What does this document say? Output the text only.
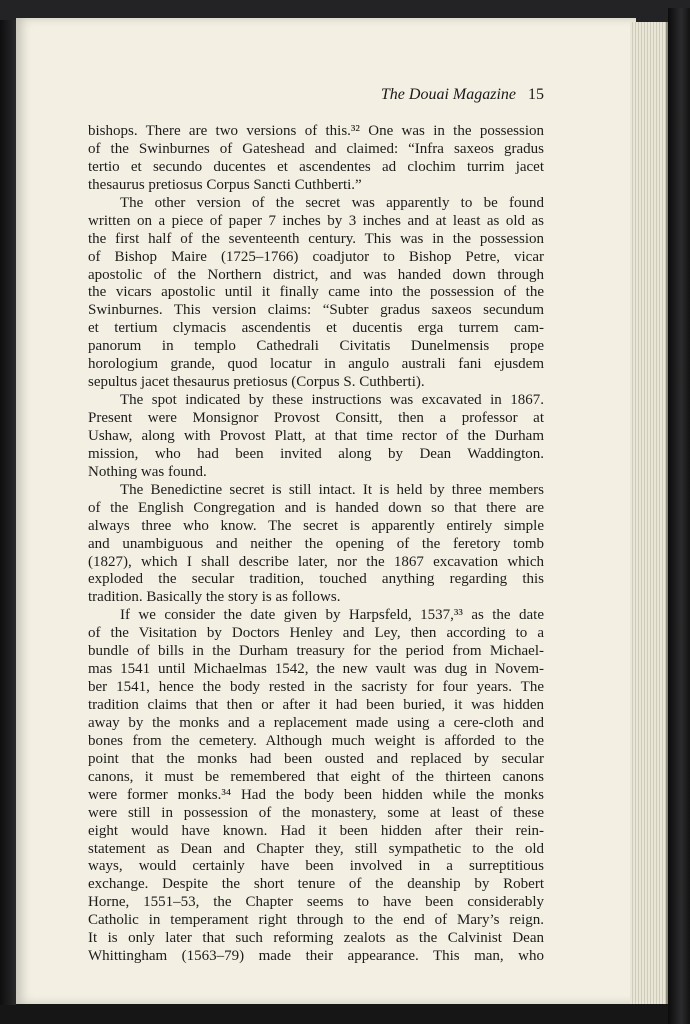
The Douai Magazine 15
bishops. There are two versions of this.³² One was in the possession
of the Swinburnes of Gateshead and claimed: “Infra saxeos gradus
tertio et secundo ducentes et ascendentes ad clochim turrim jacet
thesaurus pretiosus Corpus Sancti Cuthberti.”
The other version of the secret was apparently to be found
written on a piece of paper 7 inches by 3 inches and at least as old as
the first half of the seventeenth century. This was in the possession
of Bishop Maire (1725–1766) coadjutor to Bishop Petre, vicar
apostolic of the Northern district, and was handed down through
the vicars apostolic until it finally came into the possession of the
Swinburnes. This version claims: “Subter gradus saxeos secundum
et tertium clymacis ascendentis et ducentis erga turrem cam-
panorum in templo Cathedrali Civitatis Dunelmensis prope
horologium grande, quod locatur in angulo australi fani ejusdem
sepultus jacet thesaurus pretiosus (Corpus S. Cuthberti).
The spot indicated by these instructions was excavated in 1867.
Present were Monsignor Provost Consitt, then a professor at
Ushaw, along with Provost Platt, at that time rector of the Durham
mission, who had been invited along by Dean Waddington.
Nothing was found.
The Benedictine secret is still intact. It is held by three members
of the English Congregation and is handed down so that there are
always three who know. The secret is apparently entirely simple
and unambiguous and neither the opening of the feretory tomb
(1827), which I shall describe later, nor the 1867 excavation which
exploded the secular tradition, touched anything regarding this
tradition. Basically the story is as follows.
If we consider the date given by Harpsfeld, 1537,³³ as the date
of the Visitation by Doctors Henley and Ley, then according to a
bundle of bills in the Durham treasury for the period from Michael-
mas 1541 until Michaelmas 1542, the new vault was dug in Novem-
ber 1541, hence the body rested in the sacristy for four years. The
tradition claims that then or after it had been buried, it was hidden
away by the monks and a replacement made using a cere-cloth and
bones from the cemetery. Although much weight is afforded to the
point that the monks had been ousted and replaced by secular
canons, it must be remembered that eight of the thirteen canons
were former monks.³⁴ Had the body been hidden while the monks
were still in possession of the monastery, some at least of these
eight would have known. Had it been hidden after their rein-
statement as Dean and Chapter they, still sympathetic to the old
ways, would certainly have been involved in a surreptitious
exchange. Despite the short tenure of the deanship by Robert
Horne, 1551–53, the Chapter seems to have been considerably
Catholic in temperament right through to the end of Mary’s reign.
It is only later that such reforming zealots as the Calvinist Dean
Whittingham (1563–79) made their appearance. This man, who
